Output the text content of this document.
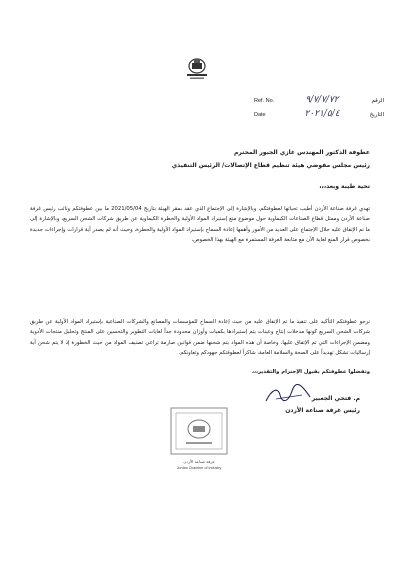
Ref. No.	٩/٧/٧/٧٢	الرقم
Date	٢٠٢١/٥/٤	التاريخ
عطوفة الدكتور المهندس غازي الجبور المحترم
رئيس مجلس مفوضي هيئة تنظيم قطاع الإتصالات/ الرئيس التنفيذي
تحية طيبة وبعد،،،
تهدي غرفة صناعة الأردن أطيب تحياتها لعطوفتكم، وبالإشارة إلى الإجتماع الذي عقد بمقر الهيئة بتاريخ 2021/05/04 ما بين عطوفتكم ونائب رئيس غرفة صناعة الأردن وممثل قطاع الصناعات الكيماوية حول موضوع منع إستيراد المواد الأولية والخطرة الكيماوية عن طريق شركات الشحن السريع، وبالإشارة إلى ما تم الإتفاق عليه خلال الإجتماع على العديد من الأمور وأهمها إعادة السماح بإستيراد المواد الأولية والخطرة، وحيث أنه لم يصدر أية قرارات وإجراءات جديدة بخصوص قرار المنع لغاية الآن مع متابعة الغرفة المستمرة مع الهيئة بهذا الخصوص،
نرجو عطوفتكم التأكيد على تنفيذ ما تم الإتفاق عليه من حيث إعادة السماح للمؤسسات والمصانع والشركات الصناعية بإستيراد المواد الأولية عن طريق شركات الشحن السريع كونها مدخلات إنتاج وعينات يتم إستيرادها بكميات وأوزان محدودة جداً لغايات التطوير والتحسين على المنتج وتحليل منتجات الأدوية ومضمن الإجراءات التي تم الإتفاق عليها، وخاصة أن هذه المواد يتم شحنها ضمن قوانين صارمة تراعي تصنيف المواد من حيث الخطورة إذ لا يتم شحن أية إرساليات تشكل تهديداً على الصحة والسلامة العامة، شاكراً لعطوفتكم جهودكم وتعاونكم.
وتفضلوا عطوفتكم بقبول الإحترام والتقدير،،،
م. فتحي الجغبير
رئيس غرفة صناعة الأردن
غرفة صناعة الأردن
Jordan Chamber of Industry
